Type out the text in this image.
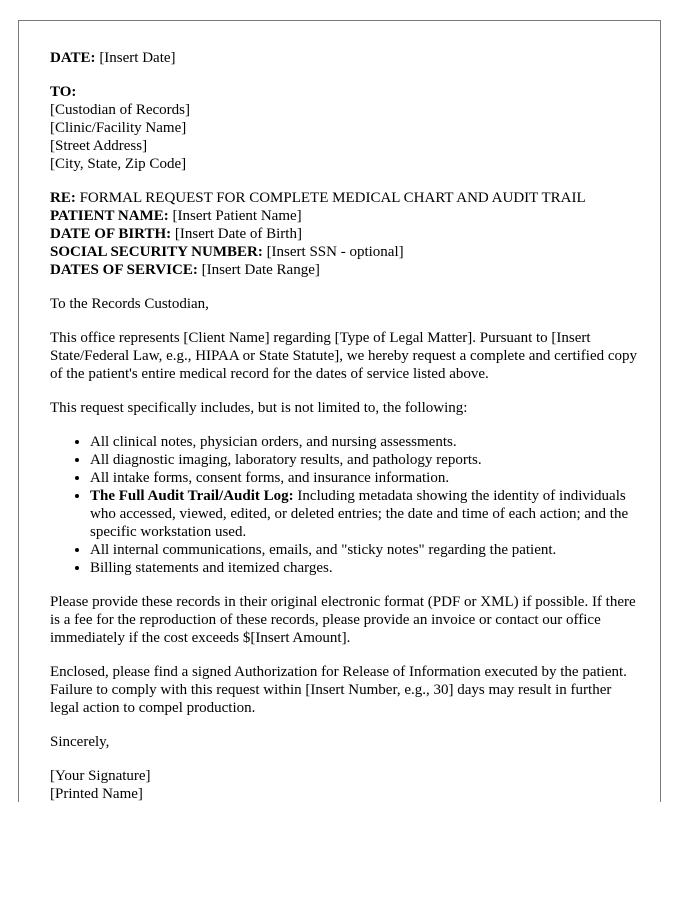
DATE: [Insert Date]

TO:
[Custodian of Records]
[Clinic/Facility Name]
[Street Address]
[City, State, Zip Code]

RE: FORMAL REQUEST FOR COMPLETE MEDICAL CHART AND AUDIT TRAIL
PATIENT NAME: [Insert Patient Name]
DATE OF BIRTH: [Insert Date of Birth]
SOCIAL SECURITY NUMBER: [Insert SSN - optional]
DATES OF SERVICE: [Insert Date Range]

To the Records Custodian,

This office represents [Client Name] regarding [Type of Legal Matter]. Pursuant to [Insert State/Federal Law, e.g., HIPAA or State Statute], we hereby request a complete and certified copy of the patient's entire medical record for the dates of service listed above.

This request specifically includes, but is not limited to, the following:

• All clinical notes, physician orders, and nursing assessments.
• All diagnostic imaging, laboratory results, and pathology reports.
• All intake forms, consent forms, and insurance information.
• The Full Audit Trail/Audit Log: Including metadata showing the identity of individuals who accessed, viewed, edited, or deleted entries; the date and time of each action; and the specific workstation used.
• All internal communications, emails, and "sticky notes" regarding the patient.
• Billing statements and itemized charges.

Please provide these records in their original electronic format (PDF or XML) if possible. If there is a fee for the reproduction of these records, please provide an invoice or contact our office immediately if the cost exceeds $[Insert Amount].

Enclosed, please find a signed Authorization for Release of Information executed by the patient. Failure to comply with this request within [Insert Number, e.g., 30] days may result in further legal action to compel production.

Sincerely,

[Your Signature]
[Printed Name]
